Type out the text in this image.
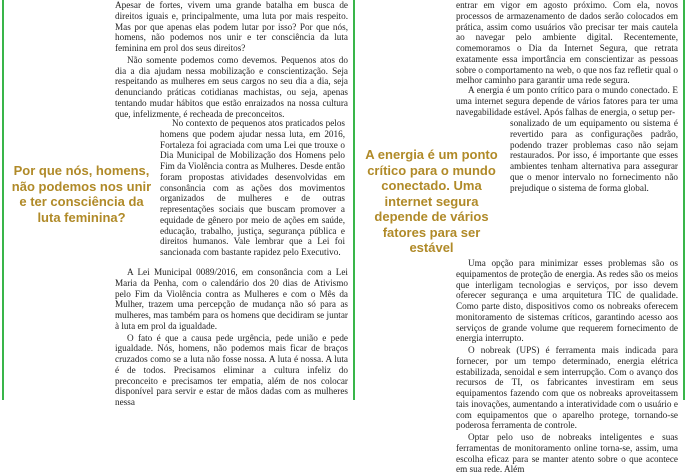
Por que nós, homens, não podemos nos unir e ter consciência da luta feminina?
A energia é um ponto crítico para o mundo conectado. Uma internet segura depende de vários fatores para ser estável

Apesar de fortes, vivem uma grande batalha em busca de direitos iguais e, principalmente, uma luta por mais respeito. Mas por que apenas elas podem lutar por isso? Por que nós, homens, não podemos nos unir e ter consciência da luta feminina em prol dos seus direitos?

Não somente podemos como devemos. Pequenos atos do dia a dia ajudam nessa mobilização e conscientização. Seja respeitando as mulheres em seus cargos no seu dia a dia, seja denunciando práticas cotidianas machistas, ou seja, apenas tentando mudar hábitos que estão enraizados na nossa cultura que, infelizmente, é recheada de preconceitos.

No contexto de pequenos atos praticados pelos homens que podem ajudar nessa luta, em 2016, Fortaleza foi agraciada com uma Lei que trouxe o Dia Municipal de Mobilização dos Homens pelo Fim da Violência contra as Mulheres. Desde então foram propostas atividades desenvolvidas em consonância com as ações dos movimentos organizados de mulheres e de outras representações sociais que buscam promover a equidade de gênero por meio de ações em saúde, educação, trabalho, justiça, segurança pública e direitos humanos. Vale lembrar que a Lei foi sancionada com bastante rapidez pelo Executivo.

A Lei Municipal 0089/2016, em consonância com a Lei Maria da Penha, com o calendário dos 20 dias de Ativismo pelo Fim da Violência contra as Mulheres e com o Mês da Mulher, trazem uma percepção de mudança não só para as mulheres, mas também para os homens que decidiram se juntar à luta em prol da igualdade.

O fato é que a causa pede urgência, pede união e pede igualdade. Nós, homens, não podemos mais ficar de braços cruzados como se a luta não fosse nossa. A luta é nossa. A luta é de todos. Precisamos eliminar a cultura infeliz do preconceito e precisamos ter empatia, além de nos colocar disponível para servir e estar de mãos dadas com as mulheres nessa

entrar em vigor em agosto próximo. Com ela, novos processos de armazenamento de dados serão colocados em prática, assim como usuários vão precisar ter mais cautela ao navegar pelo ambiente digital. Recentemente, comemoramos o Dia da Internet Segura, que retrata exatamente essa importância em conscientizar as pessoas sobre o comportamento na web, o que nos faz refletir qual o melhor caminho para garantir uma rede segura.

A energia é um ponto crítico para o mundo conectado. E uma internet segura depende de vários fatores para ter uma navegabilidade estável. Após falhas de energia, o setup per-

sonalizado de um equipamento ou sistema é revertido para as configurações padrão, podendo trazer problemas caso não sejam restaurados. Por isso, é importante que esses ambientes tenham alternativa para assegurar que o menor intervalo no fornecimento não prejudique o sistema de forma global.

Uma opção para minimizar esses problemas são os equipamentos de proteção de energia. As redes são os meios que interligam tecnologias e serviços, por isso devem oferecer segurança e uma arquitetura TIC de qualidade. Como parte disto, dispositivos como os nobreaks oferecem monitoramento de sistemas críticos, garantindo acesso aos serviços de grande volume que requerem fornecimento de energia interrupto.

O nobreak (UPS) é ferramenta mais indicada para fornecer, por um tempo determinado, energia elétrica estabilizada, senoidal e sem interrupção. Com o avanço dos recursos de TI, os fabricantes investiram em seus equipamentos fazendo com que os nobreaks aproveitassem tais inovações, aumentando a interatividade com o usuário e com equipamentos que o aparelho protege, tornando-se poderosa ferramenta de controle.

Optar pelo uso de nobreaks inteligentes e suas ferramentas de monitoramento online torna-se, assim, uma escolha eficaz para se manter atento sobre o que acontece em sua rede. Além
